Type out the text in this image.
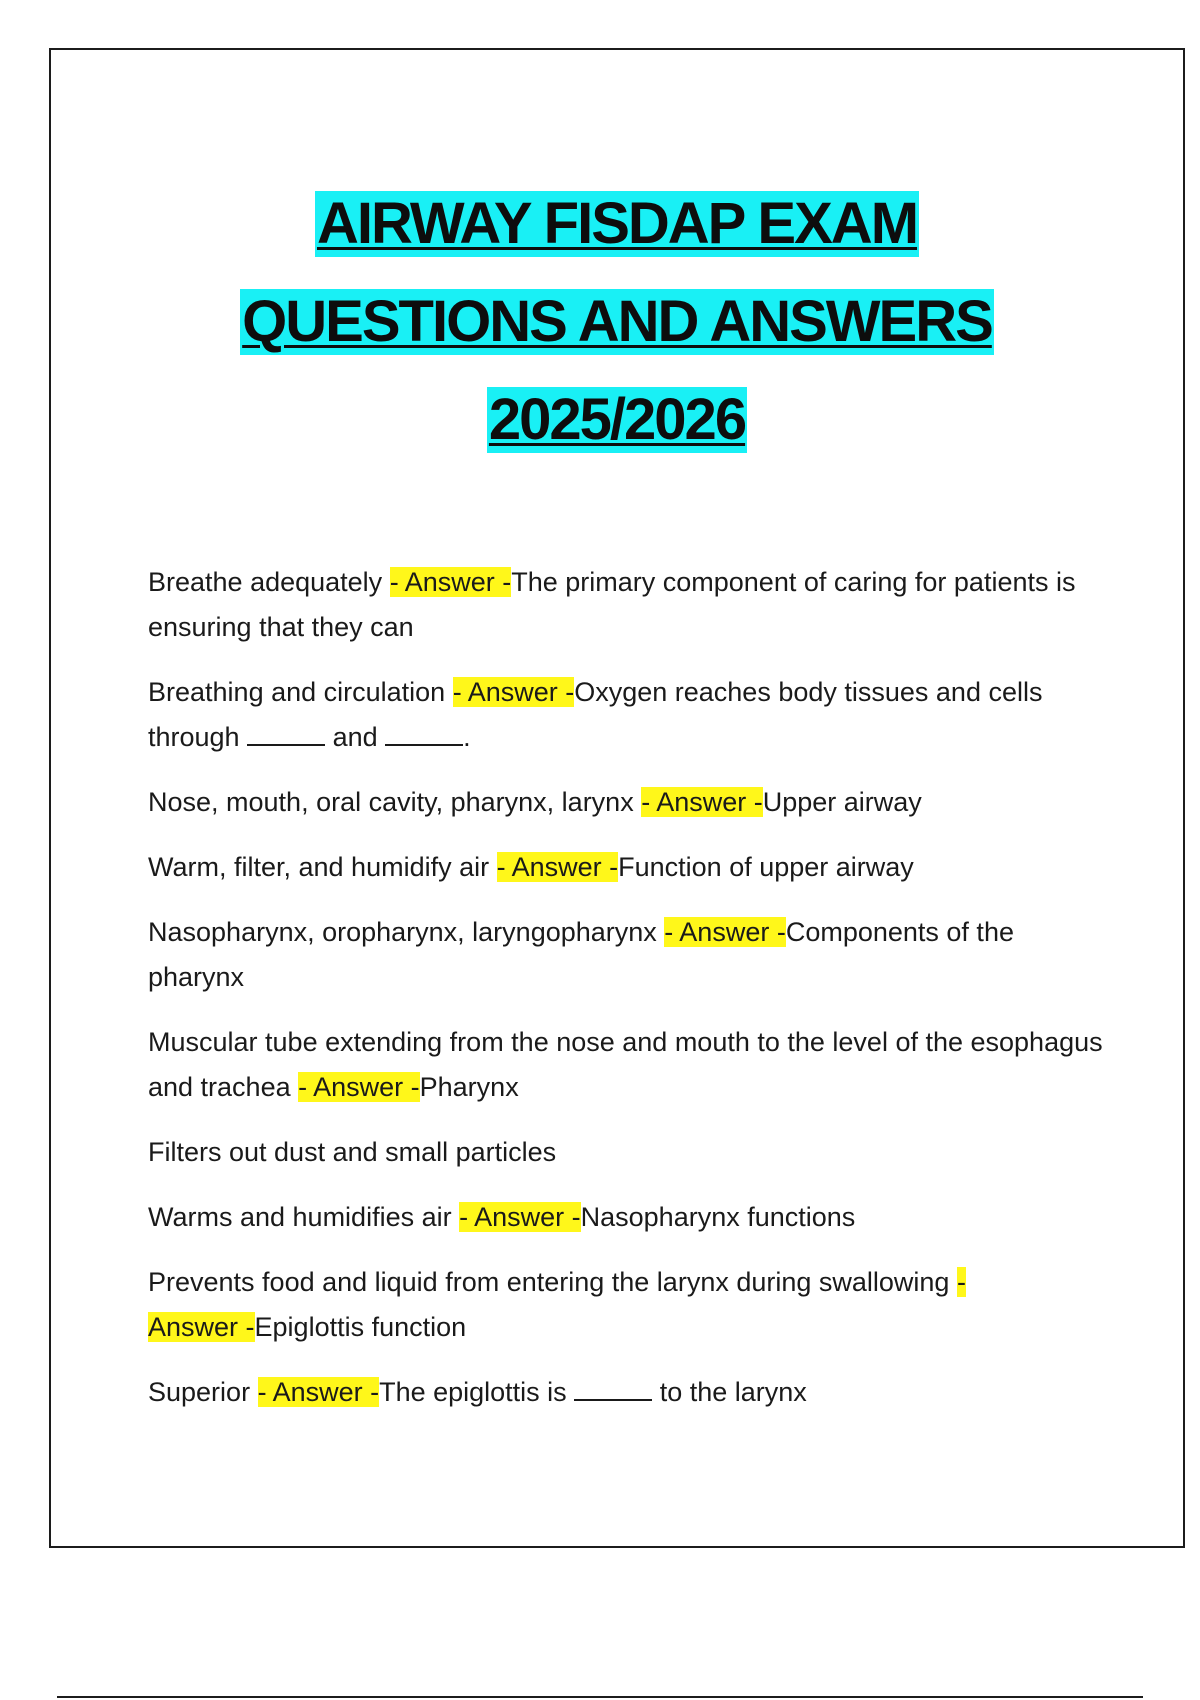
AIRWAY FISDAP EXAM
QUESTIONS AND ANSWERS
2025/2026
Breathe adequately - Answer -The primary component of caring for patients is ensuring that they can
Breathing and circulation - Answer -Oxygen reaches body tissues and cells through	and	.
Nose, mouth, oral cavity, pharynx, larynx - Answer -Upper airway
Warm, filter, and humidify air - Answer -Function of upper airway
Nasopharynx, oropharynx, laryngopharynx - Answer -Components of the pharynx
Muscular tube extending from the nose and mouth to the level of the esophagus and trachea - Answer -Pharynx
Filters out dust and small particles
Warms and humidifies air - Answer -Nasopharynx functions
Prevents food and liquid from entering the larynx during swallowing -
Answer -Epiglottis function
Superior - Answer -The epiglottis is	to the larynx
